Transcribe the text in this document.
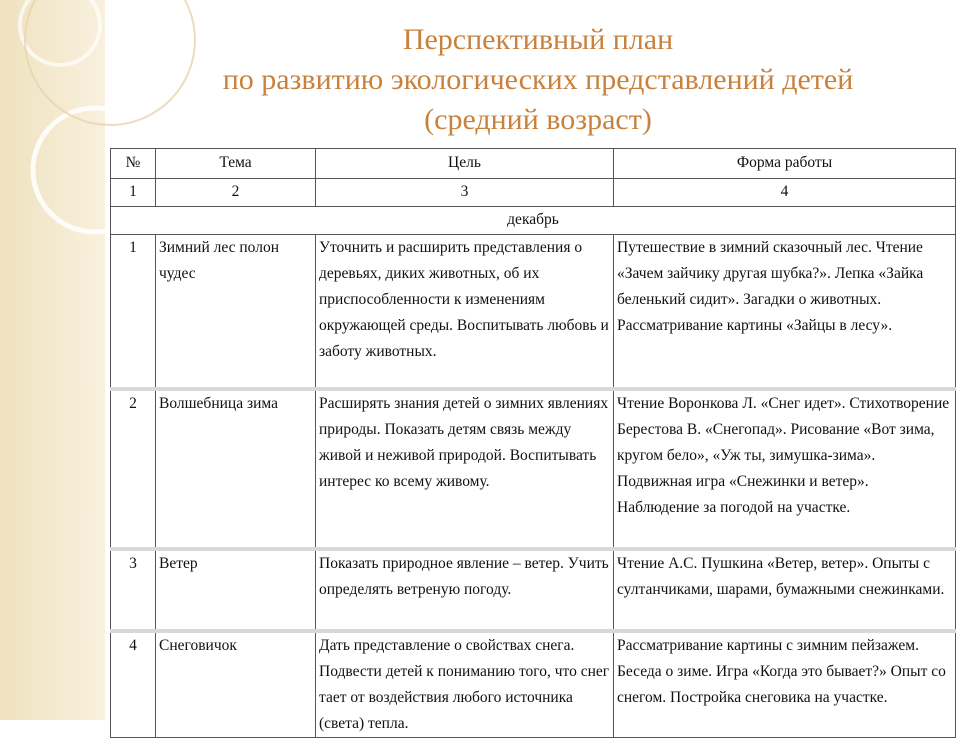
Перспективный план
по развитию экологических представлений детей
(средний возраст)
№	Тема	Цель	Форма работы
1	2	3	4
декабрь			
1	Зимний лес полон чудес	Уточнить и расширить представления о деревьях, диких животных, об их приспособленности к изменениям окружающей среды. Воспитывать любовь и заботу животных.	Путешествие в зимний сказочный лес. Чтение «Зачем зайчику другая шубка?». Лепка «Зайка беленький сидит». Загадки о животных. Рассматривание картины «Зайцы в лесу».
2	Волшебница зима	Расширять знания детей о зимних явлениях природы. Показать детям связь между живой и неживой природой. Воспитывать интерес ко всему живому.	Чтение Воронкова Л. «Снег идет». Стихотворение Берестова В. «Снегопад». Рисование «Вот зима, кругом бело», «Уж ты, зимушка-зима». Подвижная игра «Снежинки и ветер». Наблюдение за погодой на участке.
3	Ветер	Показать природное явление – ветер. Учить определять ветреную погоду.	Чтение А.С. Пушкина «Ветер, ветер». Опыты с султанчиками, шарами, бумажными снежинками.
4	Снеговичок	Дать представление о свойствах снега. Подвести детей к пониманию того, что снег тает от воздействия любого источника (света) тепла.	Рассматривание картины с зимним пейзажем. Беседа о зиме. Игра «Когда это бывает?» Опыт со снегом. Постройка снеговика на участке.
